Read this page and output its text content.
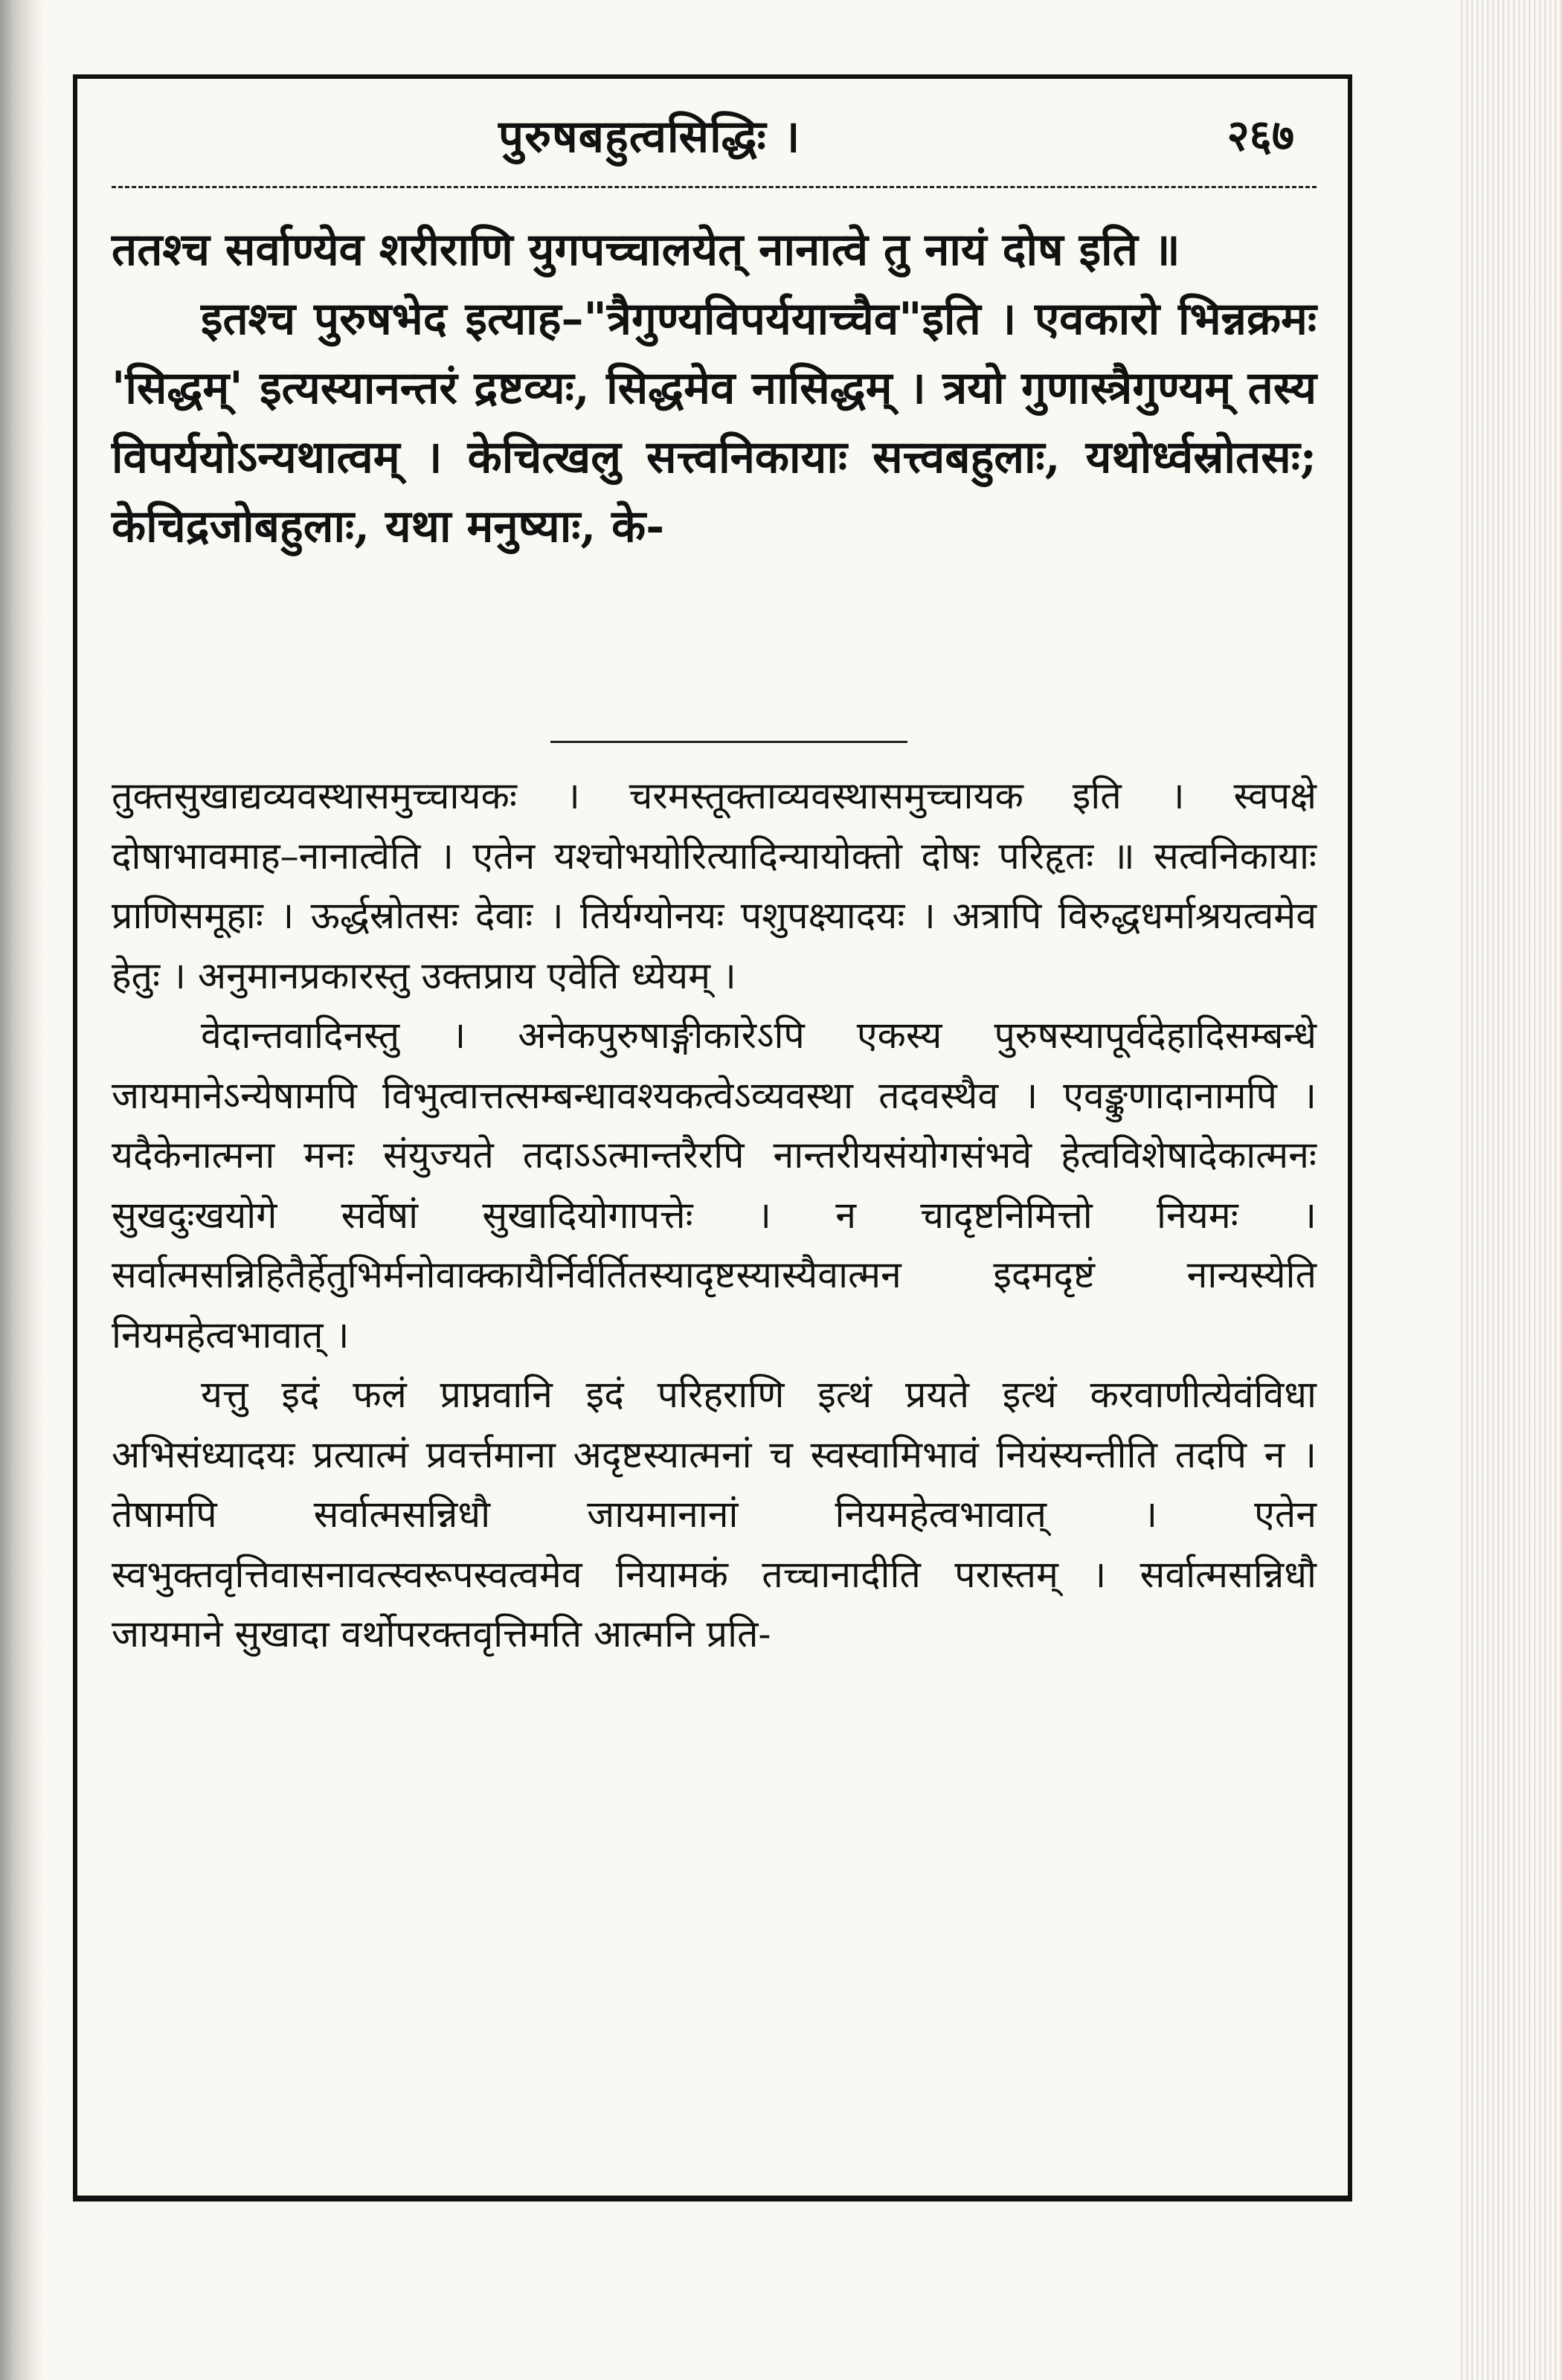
पुरुषबहुत्वसिद्धिः ।	२६७

ततश्च सर्वाण्येव शरीराणि युगपच्चालयेत् नानात्वे तु नायं दोष इति ॥

इतश्च पुरुषभेद इत्याह–"त्रैगुण्यविपर्ययाच्चैव"इति । एवकारो भिन्नक्रमः 'सिद्धम्' इत्यस्यानन्तरं द्रष्टव्यः, सिद्धमेव नासिद्धम् । त्रयो गुणास्त्रैगुण्यम् तस्य विपर्ययोऽन्यथात्वम् । केचित्खलु सत्त्वनिकायाः सत्त्वबहुलाः, यथोर्ध्वस्रोतसः; केचिद्रजोबहुलाः, यथा मनुष्याः, के-

तुक्तसुखाद्यव्यवस्थासमुच्चायकः । चरमस्तूक्ताव्यवस्थासमुच्चायक इति । स्वपक्षे दोषाभावमाह–नानात्वेति । एतेन यश्चोभयोरित्यादिन्यायोक्तो दोषः परिहृतः ॥ सत्वनिकायाः प्राणिसमूहाः । ऊर्द्धस्रोतसः देवाः । तिर्यग्योनयः पशुपक्ष्यादयः । अत्रापि विरुद्धधर्माश्रयत्वमेव हेतुः । अनुमानप्रकारस्तु उक्तप्राय एवेति ध्येयम् ।

वेदान्तवादिनस्तु । अनेकपुरुषाङ्गीकारेऽपि एकस्य पुरुषस्यापूर्वदेहादिसम्बन्धे जायमानेऽन्येषामपि विभुत्वात्तत्सम्बन्धावश्यकत्वेऽव्यवस्था तदवस्थैव । एवङ्कुणादानामपि । यदैकेनात्मना मनः संयुज्यते तदाऽऽत्मान्तरैरपि नान्तरीयसंयोगसंभवे हेत्वविशेषादेकात्मनः सुखदुःखयोगे सर्वेषां सुखादियोगापत्तेः । न चादृष्टनिमित्तो नियमः । सर्वात्मसन्निहितैर्हेतुभिर्मनोवाक्कायैर्निर्वर्तितस्यादृष्टस्यास्यैवात्मन इदमदृष्टं नान्यस्येति नियमहेत्वभावात् ।

यत्तु इदं फलं प्राप्नवानि इदं परिहराणि इत्थं प्रयते इत्थं करवाणीत्येवंविधा अभिसंध्यादयः प्रत्यात्मं प्रवर्त्तमाना अदृष्टस्यात्मनां च स्वस्वामिभावं नियंस्यन्तीति तदपि न । तेषामपि सर्वात्मसन्निधौ जायमानानां नियमहेत्वभावात् । एतेन स्वभुक्तवृत्तिवासनावत्स्वरूपस्वत्वमेव नियामकं तच्चानादीति परास्तम् । सर्वात्मसन्निधौ जायमाने सुखादा वर्थोपरक्तवृत्तिमति आत्मनि प्रति-
